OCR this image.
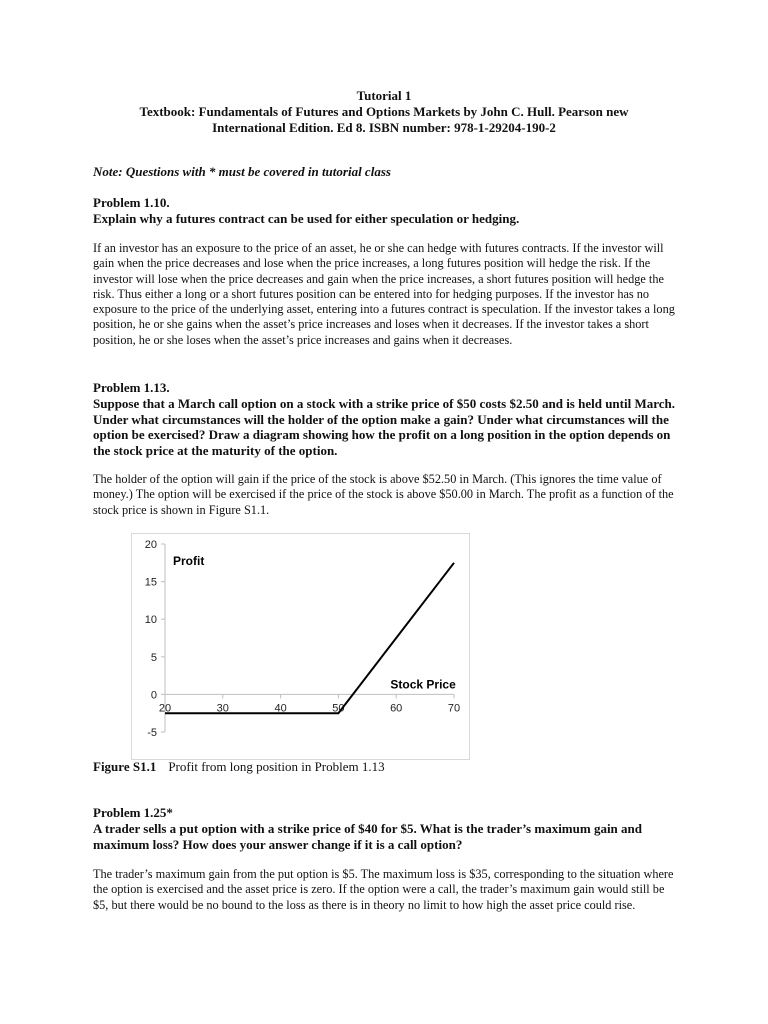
Tutorial 1
Textbook: Fundamentals of Futures and Options Markets by John C. Hull. Pearson new
International Edition. Ed 8. ISBN number: 978-1-29204-190-2
Note: Questions with * must be covered in tutorial class
Problem 1.10.
Explain why a futures contract can be used for either speculation or hedging.
If an investor has an exposure to the price of an asset, he or she can hedge with futures contracts. If the investor will gain when the price decreases and lose when the price increases, a long futures position will hedge the risk. If the investor will lose when the price decreases and gain when the price increases, a short futures position will hedge the risk. Thus either a long or a short futures position can be entered into for hedging purposes. If the investor has no exposure to the price of the underlying asset, entering into a futures contract is speculation. If the investor takes a long position, he or she gains when the asset’s price increases and loses when it decreases. If the investor takes a short position, he or she loses when the asset’s price increases and gains when it decreases.
Problem 1.13.
Suppose that a March call option on a stock with a strike price of $50 costs $2.50 and is held until March. Under what circumstances will the holder of the option make a gain? Under what circumstances will the option be exercised? Draw a diagram showing how the profit on a long position in the option depends on the stock price at the maturity of the option.
The holder of the option will gain if the price of the stock is above $52.50 in March. (This ignores the time value of money.) The option will be exercised if the price of the stock is above $50.00 in March. The profit as a function of the stock price is shown in Figure S1.1.
20
15
10
5
0
-5
20	30	40	50	60	70
Profit
Stock Price
Figure S1.1 Profit from long position in Problem 1.13
Problem 1.25*
A trader sells a put option with a strike price of $40 for $5. What is the trader’s maximum gain and maximum loss? How does your answer change if it is a call option?
The trader’s maximum gain from the put option is $5. The maximum loss is $35, corresponding to the situation where the option is exercised and the asset price is zero. If the option were a call, the trader’s maximum gain would still be $5, but there would be no bound to the loss as there is in theory no limit to how high the asset price could rise.
